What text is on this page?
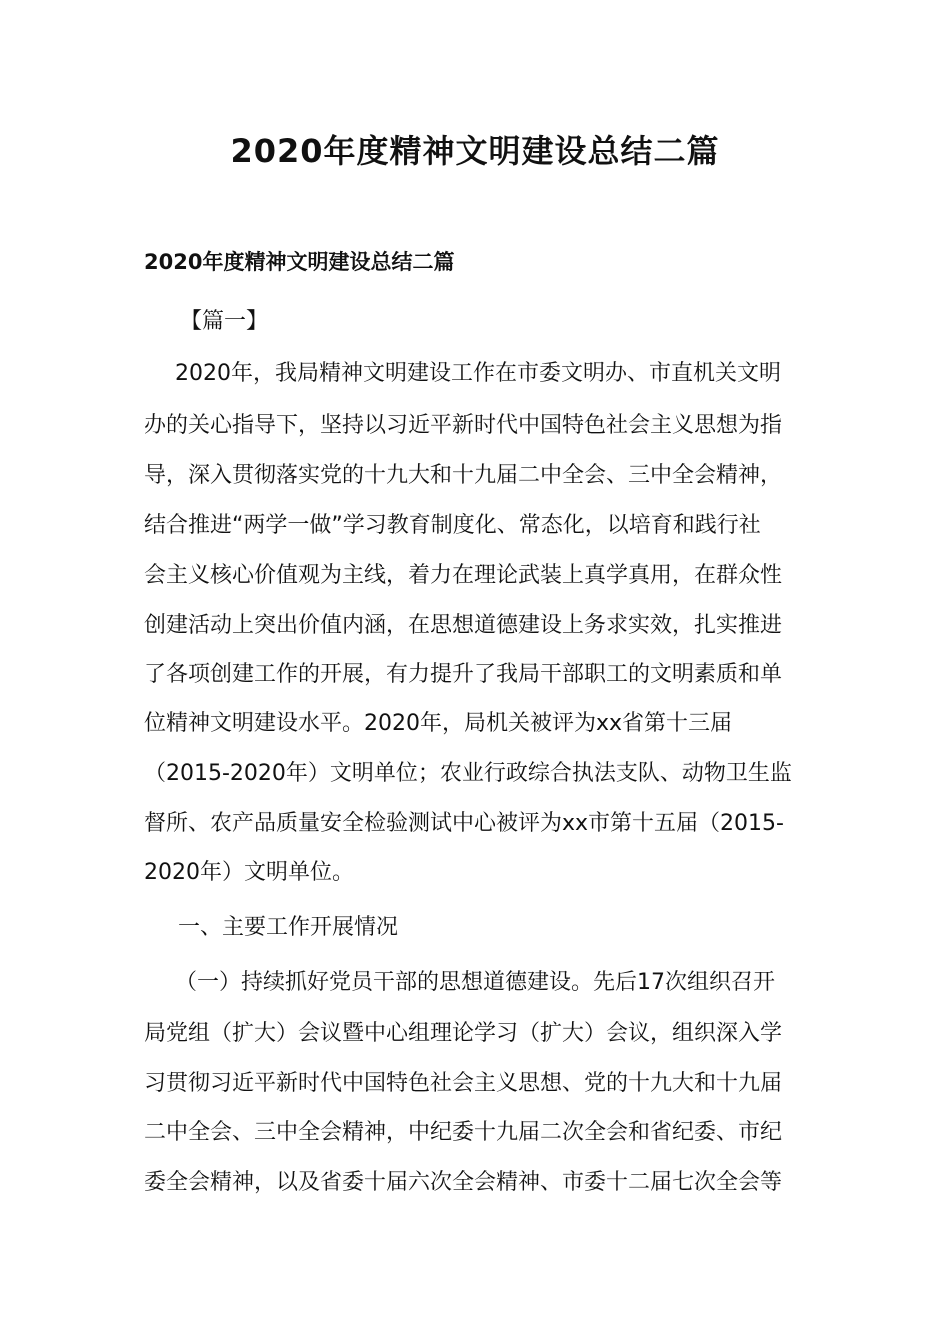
2020年度精神文明建设总结二篇
2020年度精神文明建设总结二篇
【篇一】
2020年，我局精神文明建设工作在市委文明办、市直机关文明
办的关心指导下，坚持以习近平新时代中国特色社会主义思想为指
导，深入贯彻落实党的十九大和十九届二中全会、三中全会精神，
结合推进“两学一做”学习教育制度化、常态化，以培育和践行社
会主义核心价值观为主线，着力在理论武装上真学真用，在群众性
创建活动上突出价值内涵，在思想道德建设上务求实效，扎实推进
了各项创建工作的开展，有力提升了我局干部职工的文明素质和单
位精神文明建设水平。2020年，局机关被评为xx省第十三届
（2015-2020年）文明单位；农业行政综合执法支队、动物卫生监
督所、农产品质量安全检验测试中心被评为xx市第十五届（2015-
2020年）文明单位。
一、主要工作开展情况
（一）持续抓好党员干部的思想道德建设。先后17次组织召开
局党组（扩大）会议暨中心组理论学习（扩大）会议，组织深入学
习贯彻习近平新时代中国特色社会主义思想、党的十九大和十九届
二中全会、三中全会精神，中纪委十九届二次全会和省纪委、市纪
委全会精神，以及省委十届六次全会精神、市委十二届七次全会等
